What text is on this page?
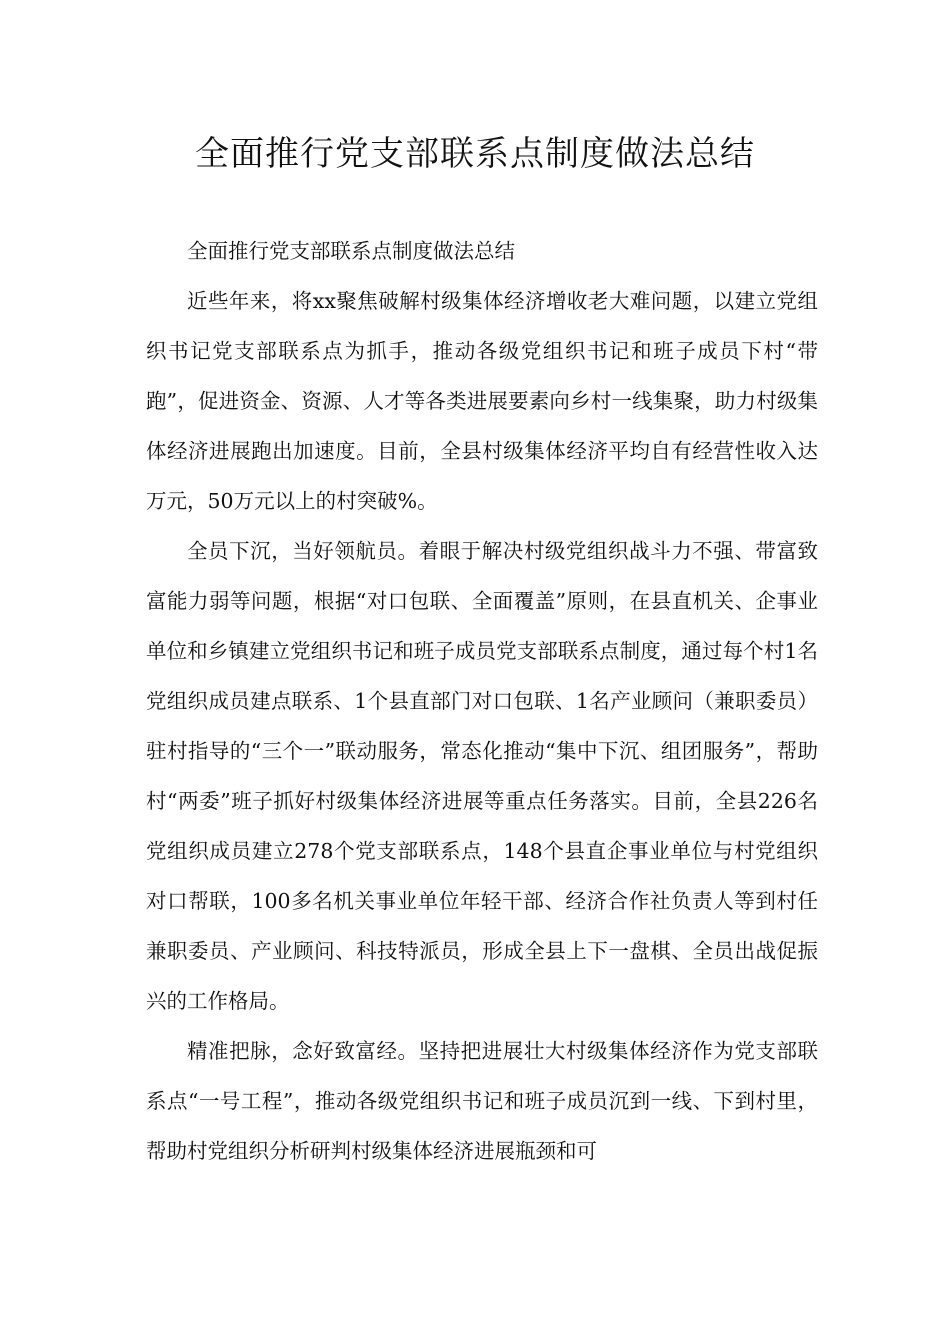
全面推行党支部联系点制度做法总结

全面推行党支部联系点制度做法总结

近些年来，将xx聚焦破解村级集体经济增收老大难问题，以建立党组织书记党支部联系点为抓手，推动各级党组织书记和班子成员下村“带跑”，促进资金、资源、人才等各类进展要素向乡村一线集聚，助力村级集体经济进展跑出加速度。目前，全县村级集体经济平均自有经营性收入达万元，50万元以上的村突破%。

全员下沉，当好领航员。着眼于解决村级党组织战斗力不强、带富致富能力弱等问题，根据“对口包联、全面覆盖”原则，在县直机关、企事业单位和乡镇建立党组织书记和班子成员党支部联系点制度，通过每个村1名党组织成员建点联系、1个县直部门对口包联、1名产业顾问（兼职委员）驻村指导的“三个一”联动服务，常态化推动“集中下沉、组团服务”，帮助村“两委”班子抓好村级集体经济进展等重点任务落实。目前，全县226名党组织成员建立278个党支部联系点，148个县直企事业单位与村党组织对口帮联，100多名机关事业单位年轻干部、经济合作社负责人等到村任兼职委员、产业顾问、科技特派员，形成全县上下一盘棋、全员出战促振兴的工作格局。

精准把脉，念好致富经。坚持把进展壮大村级集体经济作为党支部联系点“一号工程”，推动各级党组织书记和班子成员沉到一线、下到村里，帮助村党组织分析研判村级集体经济进展瓶颈和可
